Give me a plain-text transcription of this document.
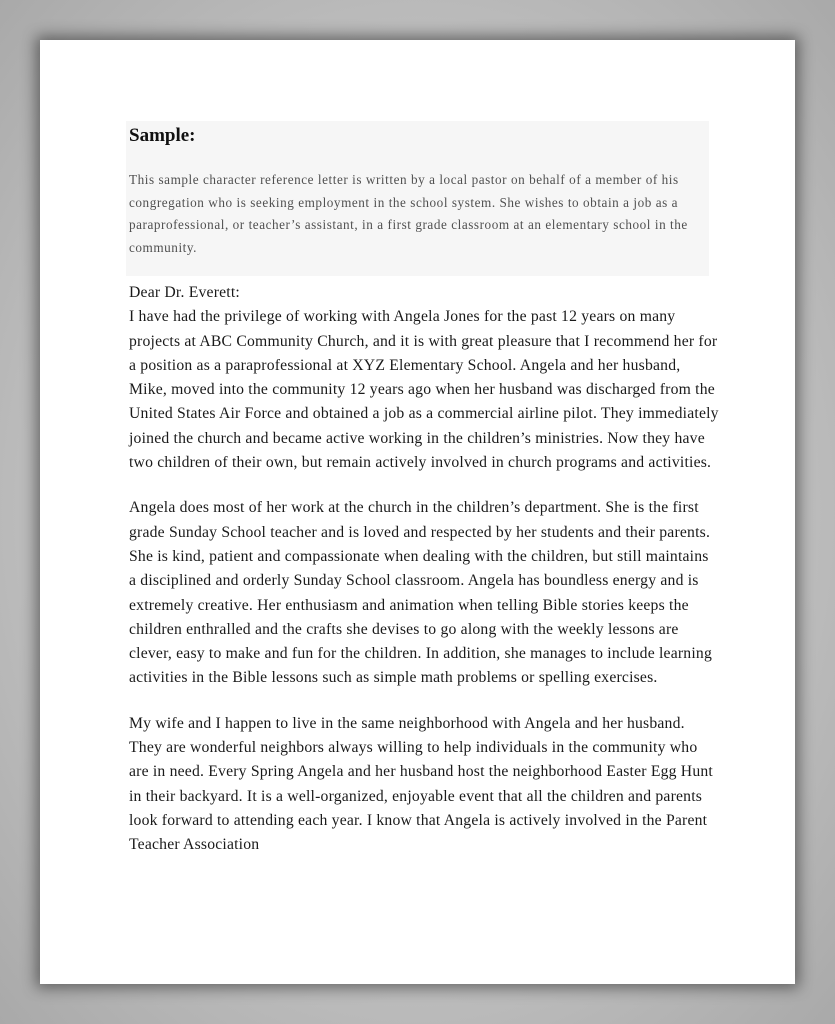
Sample:

This sample character reference letter is written by a local pastor on behalf of a member of his congregation who is seeking employment in the school system. She wishes to obtain a job as a paraprofessional, or teacher’s assistant, in a first grade classroom at an elementary school in the community.

Dear Dr. Everett:

I have had the privilege of working with Angela Jones for the past 12 years on many projects at ABC Community Church, and it is with great pleasure that I recommend her for a position as a paraprofessional at XYZ Elementary School. Angela and her husband, Mike, moved into the community 12 years ago when her husband was discharged from the United States Air Force and obtained a job as a commercial airline pilot. They immediately joined the church and became active working in the children’s ministries. Now they have two children of their own, but remain actively involved in church programs and activities.

Angela does most of her work at the church in the children’s department. She is the first grade Sunday School teacher and is loved and respected by her students and their parents. She is kind, patient and compassionate when dealing with the children, but still maintains a disciplined and orderly Sunday School classroom. Angela has boundless energy and is extremely creative. Her enthusiasm and animation when telling Bible stories keeps the children enthralled and the crafts she devises to go along with the weekly lessons are clever, easy to make and fun for the children. In addition, she manages to include learning activities in the Bible lessons such as simple math problems or spelling exercises.

My wife and I happen to live in the same neighborhood with Angela and her husband. They are wonderful neighbors always willing to help individuals in the community who are in need. Every Spring Angela and her husband host the neighborhood Easter Egg Hunt in their backyard. It is a well-organized, enjoyable event that all the children and parents look forward to attending each year. I know that Angela is actively involved in the Parent Teacher Association
